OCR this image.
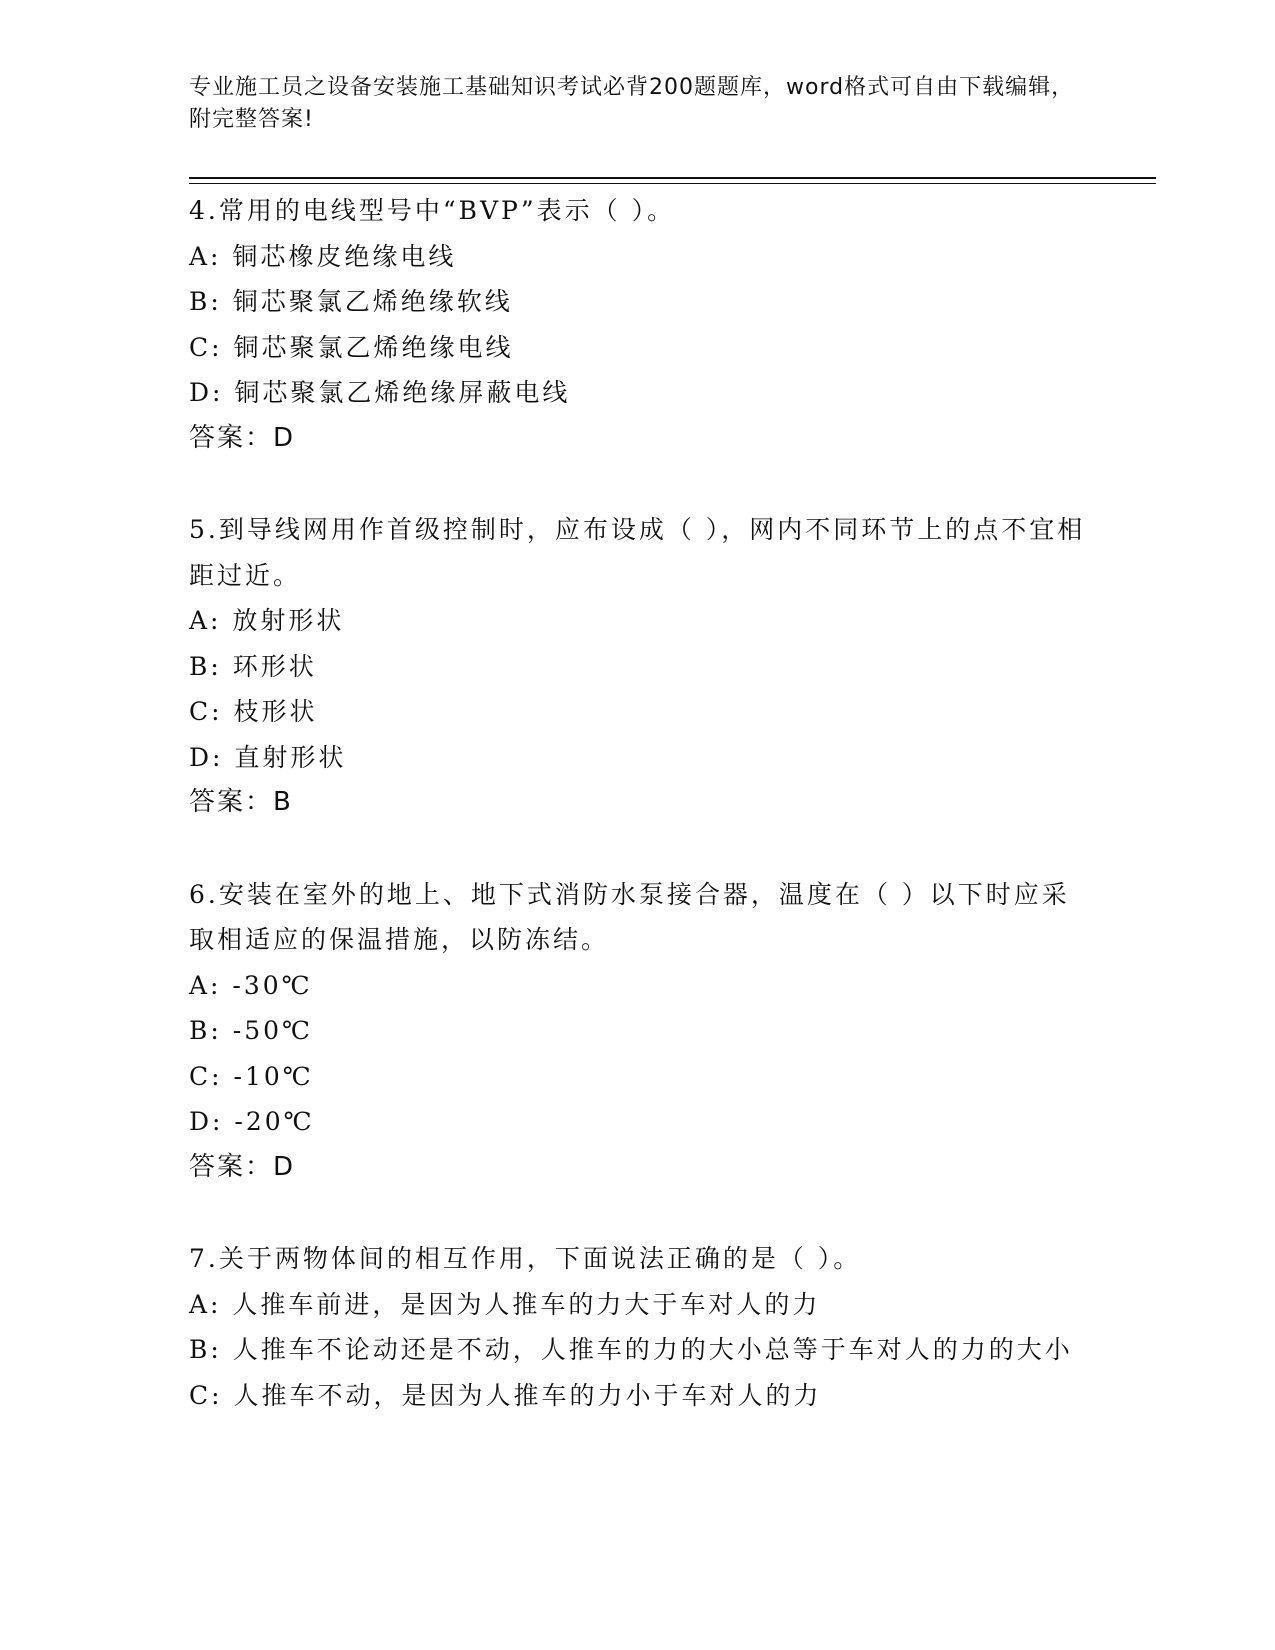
专业施工员之设备安装施工基础知识考试必背200题题库，word格式可自由下载编辑，附完整答案!
4.常用的电线型号中“BVP”表示（ ）。
A: 铜芯橡皮绝缘电线
B: 铜芯聚氯乙烯绝缘软线
C: 铜芯聚氯乙烯绝缘电线
D: 铜芯聚氯乙烯绝缘屏蔽电线
答案：D
5.到导线网用作首级控制时，应布设成（ ），网内不同环节上的点不宜相距过近。
A: 放射形状
B: 环形状
C: 枝形状
D: 直射形状
答案：B
6.安装在室外的地上、地下式消防水泵接合器，温度在（ ）以下时应采取相适应的保温措施，以防冻结。
A: -30℃
B: -50℃
C: -10℃
D: -20℃
答案：D
7.关于两物体间的相互作用，下面说法正确的是（ ）。
A: 人推车前进，是因为人推车的力大于车对人的力
B: 人推车不论动还是不动，人推车的力的大小总等于车对人的力的大小
C: 人推车不动，是因为人推车的力小于车对人的力
